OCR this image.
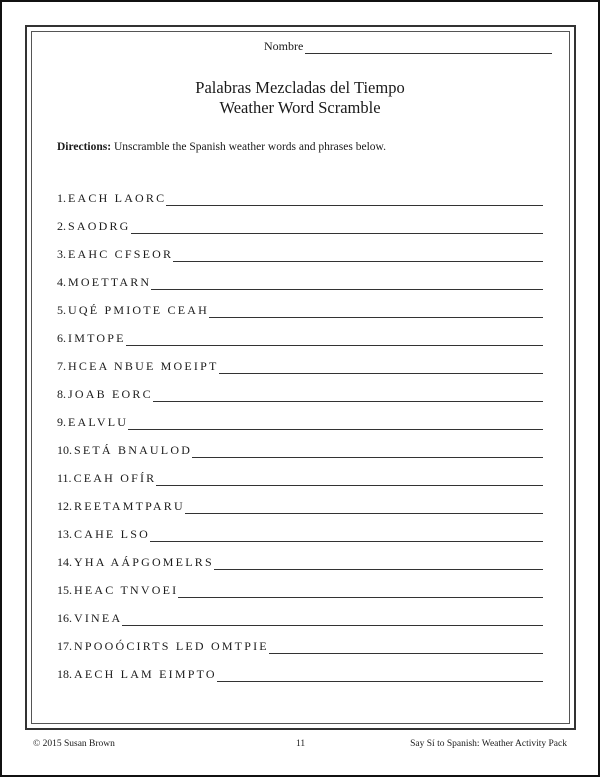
Nombre
Palabras Mezcladas del Tiempo
Weather Word Scramble
Directions: Unscramble the Spanish weather words and phrases below.
1. EACH LAORC
2. SAODRG
3. EAHC CFSEOR
4. MOETTARN
5. UQÉ PMIOTE CEAH
6. IMTOPE
7. HCEA NBUE MOEIPT
8. JOAB EORC
9. EALVLU
10. SETÁ BNAULOD
11. CEAH OFÍR
12. REETAMTPARU
13. CAHE LSO
14. YHA AÁPGOMELRS
15. HEAC TNVOEI
16. VINEA
17. NPOOÓCIRTS LED OMTPIE
18. AECH LAM EIMPTO
© 2015 Susan Brown	11	Say Sí to Spanish: Weather Activity Pack
